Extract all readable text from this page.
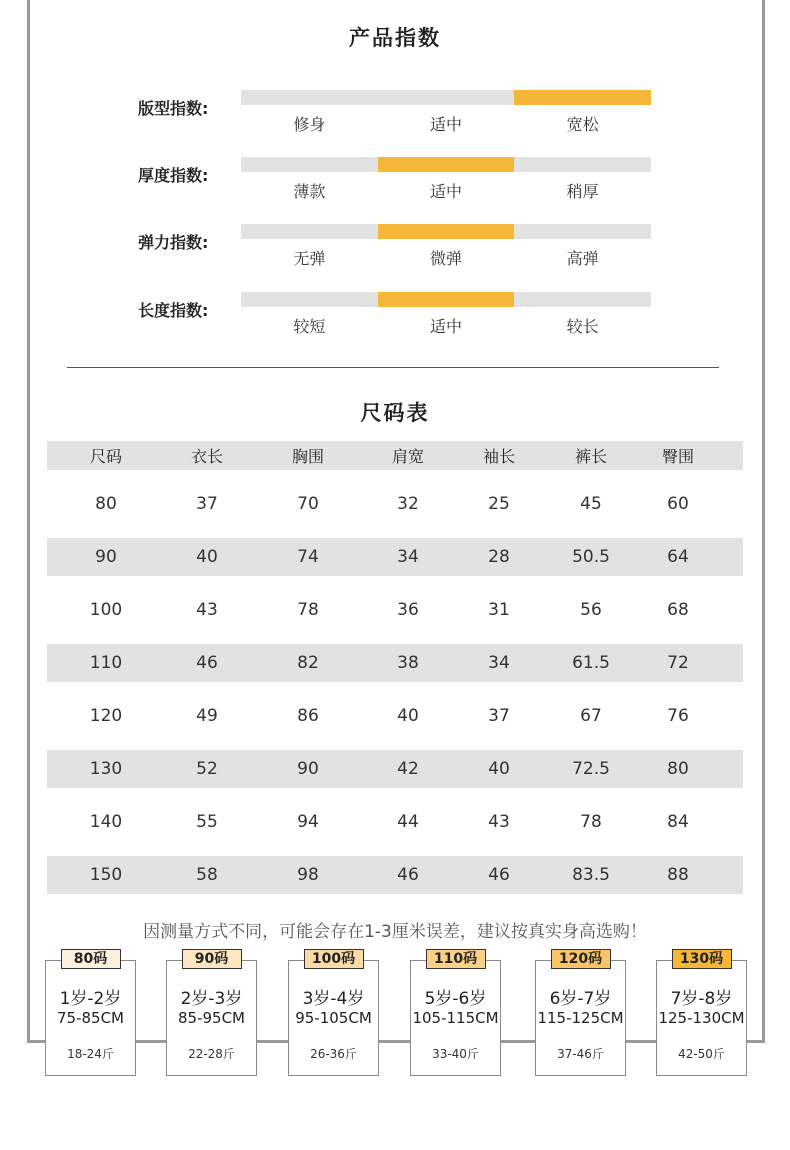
产品指数
版型指数:
修身	适中	宽松
厚度指数:
薄款	适中	稍厚
弹力指数:
无弹	微弹	高弹
长度指数:
较短	适中	较长
尺码表
尺码	衣长	胸围	肩宽	袖长	裤长	臀围
80	37	70	32	25	45	60
90	40	74	34	28	50.5	64
100	43	78	36	31	56	68
110	46	82	38	34	61.5	72
120	49	86	40	37	67	76
130	52	90	42	40	72.5	80
140	55	94	44	43	78	84
150	58	98	46	46	83.5	88
因测量方式不同，可能会存在1-3厘米误差，建议按真实身高选购！
80码
1岁-2岁
75-85CM
18-24斤
90码
2岁-3岁
85-95CM
22-28斤
100码
3岁-4岁
95-105CM
26-36斤
110码
5岁-6岁
105-115CM
33-40斤
120码
6岁-7岁
115-125CM
37-46斤
130码
7岁-8岁
125-130CM
42-50斤
